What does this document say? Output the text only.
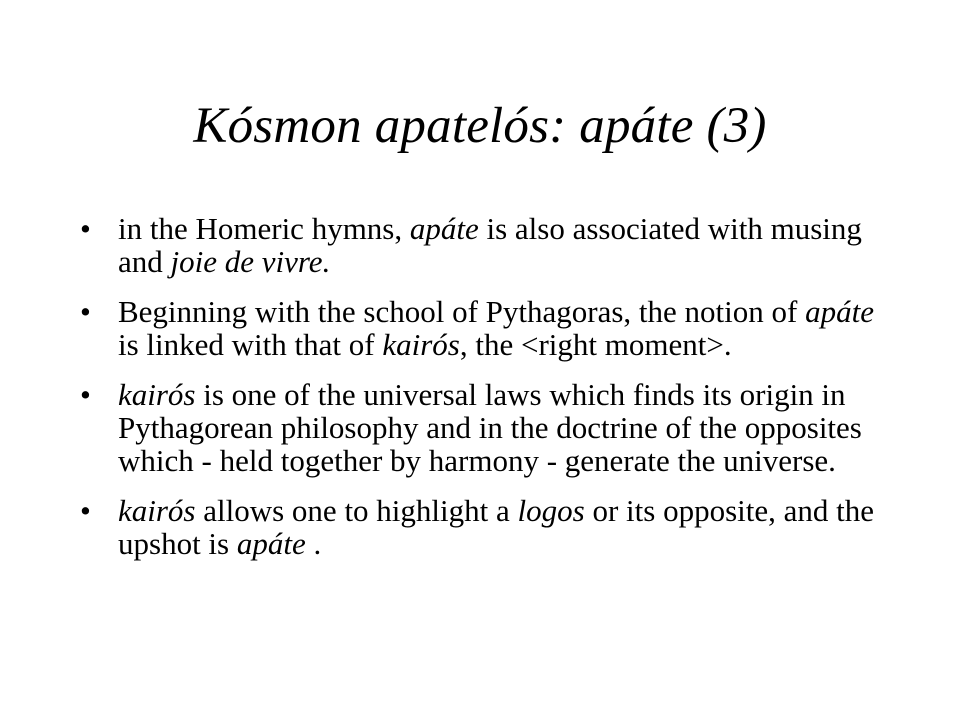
Kósmon apatelós: apáte (3)
• in the Homeric hymns, apáte is also associated with musing and joie de vivre.
• Beginning with the school of Pythagoras, the notion of apáte is linked with that of kairós, the <right moment>.
• kairós is one of the universal laws which finds its origin in Pythagorean philosophy and in the doctrine of the opposites which - held together by harmony - generate the universe.
• kairós allows one to highlight a logos or its opposite, and the upshot is apáte .
